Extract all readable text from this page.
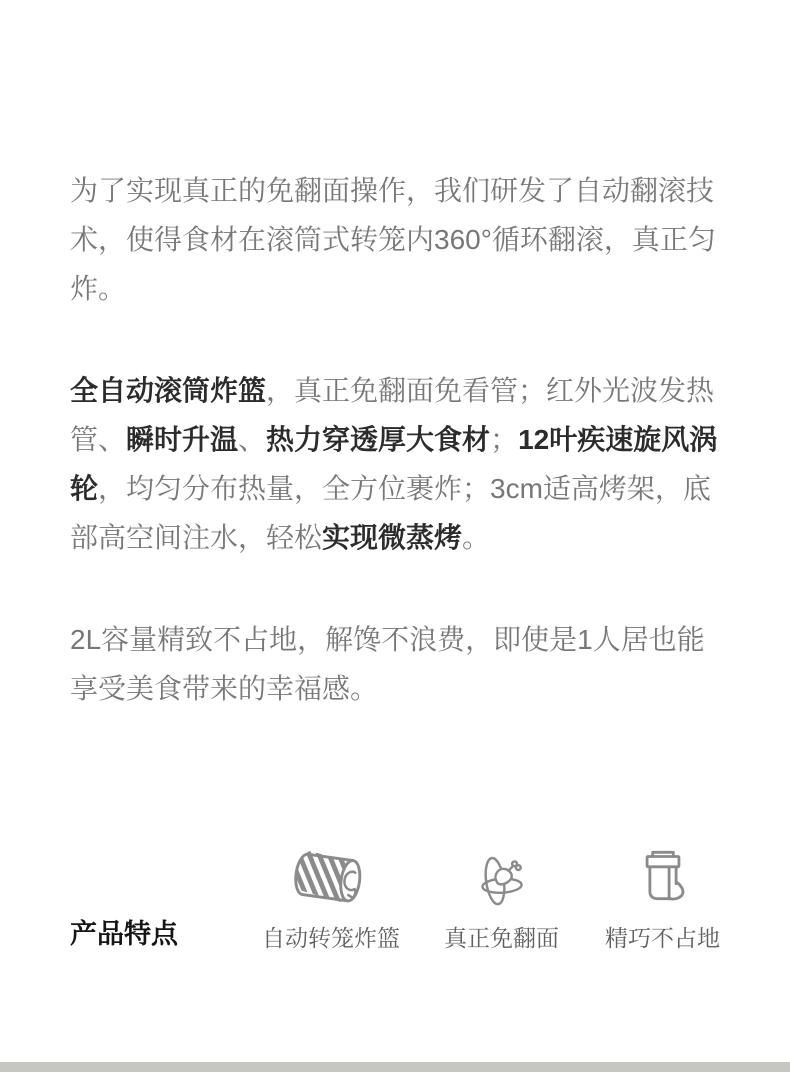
为了实现真正的免翻面操作，我们研发了自动翻滚技术，使得食材在滚筒式转笼内360°循环翻滚，真正匀炸。

全自动滚筒炸篮，真正免翻面免看管；红外光波发热管、瞬时升温、热力穿透厚大食材；12叶疾速旋风涡轮，均匀分布热量，全方位裹炸；3cm适高烤架，底部高空间注水，轻松实现微蒸烤。

2L容量精致不占地，解馋不浪费，即使是1人居也能享受美食带来的幸福感。

产品特点	自动转笼炸篮 真正免翻面 精巧不占地
